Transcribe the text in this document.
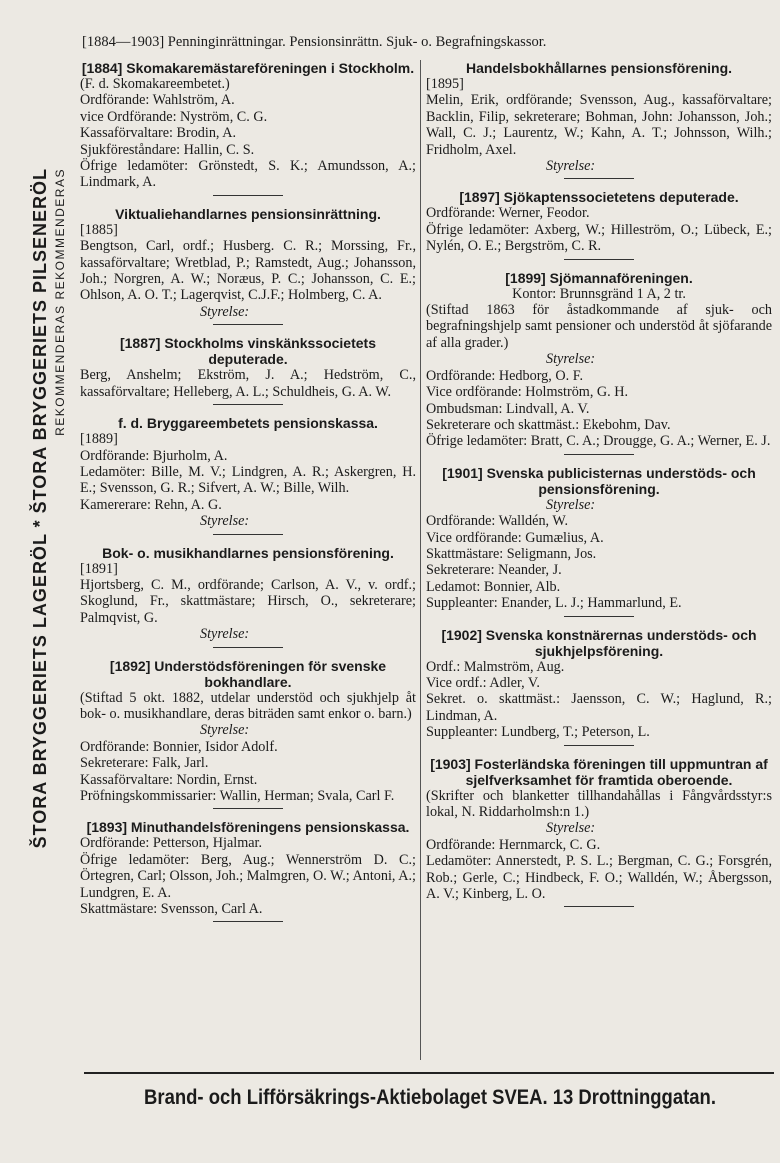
[1884—1903] Penninginrättningar. Pensionsinrättn. Sjuk- o. Begrafningskassor.
ŠTORA BRYGGERIETS LAGERÖL * ŠTORA BRYGGERIETS PILSENERÖL REKOMMENDERAS REKOMMENDERAS
[1884] Skomakaremästareföreningen i Stockholm.
(F. d. Skomakareembetet.)
Ordförande: Wahlström, A.
vice Ordförande: Nyström, C. G.
Kassaförvaltare: Brodin, A.
Sjukföreståndare: Hallin, C. S.
Öfrige ledamöter: Grönstedt, S. K.; Amundsson, A.; Lindmark, A.
Viktualiehandlarnes pensionsinrättning.
[1885]
Bengtson, Carl, ordf.; Husberg. C. R.; Morssing, Fr., kassaförvaltare; Wretblad, P.; Ramstedt, Aug.; Johansson, Joh.; Norgren, A. W.; Noræus, P. C.; Johansson, C. E.; Ohlson, A. O. T.; Lagerqvist, C.J.F.; Holmberg, C. A.
Styrelse:
[1887] Stockholms vinskänkssocietets deputerade.
Berg, Anshelm; Ekström, J. A.; Hedström, C., kassaförvaltare; Helleberg, A. L.; Schuldheis, G. A. W.
f. d. Bryggareembetets pensionskassa.
[1889]
Ordförande: Bjurholm, A.
Ledamöter: Bille, M. V.; Lindgren, A. R.; Askergren, H. E.; Svensson, G. R.; Sifvert, A. W.; Bille, Wilh.
Kamererare: Rehn, A. G.
Styrelse:
Bok- o. musikhandlarnes pensionsförening.
[1891]
Hjortsberg, C. M., ordförande; Carlson, A. V., v. ordf.; Skoglund, Fr., skattmästare; Hirsch, O., sekreterare; Palmqvist, G.
Styrelse:
[1892] Understödsföreningen för svenske bokhandlare.
(Stiftad 5 okt. 1882, utdelar understöd och sjukhjelp åt bok- o. musikhandlare, deras biträden samt enkor o. barn.)
Styrelse:
Ordförande: Bonnier, Isidor Adolf.
Sekreterare: Falk, Jarl.
Kassaförvaltare: Nordin, Ernst.
Pröfningskommissarier: Wallin, Herman; Svala, Carl F.
[1893] Minuthandelsföreningens pensionskassa.
Ordförande: Petterson, Hjalmar.
Öfrige ledamöter: Berg, Aug.; Wennerström D. C.; Örtegren, Carl; Olsson, Joh.; Malmgren, O. W.; Antoni, A.; Lundgren, E. A.
Skattmästare: Svensson, Carl A.
Handelsbokhållarnes pensionsförening.
[1895]
Melin, Erik, ordförande; Svensson, Aug., kassaförvaltare; Backlin, Filip, sekreterare; Bohman, John: Johansson, Joh.; Wall, C. J.; Laurentz, W.; Kahn, A. T.; Johnsson, Wilh.; Fridholm, Axel.
Styrelse:
[1897] Sjökaptenssocietetens deputerade.
Ordförande: Werner, Feodor.
Öfrige ledamöter: Axberg, W.; Hilleström, O.; Lübeck, E.; Nylén, O. E.; Bergström, C. R.
[1899] Sjömannaföreningen.
Kontor: Brunnsgränd 1 A, 2 tr.
(Stiftad 1863 för åstadkommande af sjuk- och begrafningshjelp samt pensioner och understöd åt sjöfarande af alla grader.)
Styrelse:
Ordförande: Hedborg, O. F.
Vice ordförande: Holmström, G. H.
Ombudsman: Lindvall, A. V.
Sekreterare och skattmäst.: Ekebohm, Dav.
Öfrige ledamöter: Bratt, C. A.; Drougge, G. A.; Werner, E. J.
[1901] Svenska publicisternas understöds- och pensionsförening.
Styrelse:
Ordförande: Walldén, W.
Vice ordförande: Gumælius, A.
Skattmästare: Seligmann, Jos.
Sekreterare: Neander, J.
Ledamot: Bonnier, Alb.
Suppleanter: Enander, L. J.; Hammarlund, E.
[1902] Svenska konstnärernas understöds- och sjukhjelpsförening.
Ordf.: Malmström, Aug.
Vice ordf.: Adler, V.
Sekret. o. skattmäst.: Jaensson, C. W.; Haglund, R.; Lindman, A.
Suppleanter: Lundberg, T.; Peterson, L.
[1903] Fosterländska föreningen till uppmuntran af sjelfverksamhet för framtida oberoende.
(Skrifter och blanketter tillhandahållas i Fångvårdsstyr:s lokal, N. Riddarholmsh:n 1.)
Styrelse:
Ordförande: Hernmarck, C. G.
Ledamöter: Annerstedt, P. S. L.; Bergman, C. G.; Forsgrén, Rob.; Gerle, C.; Hindbeck, F. O.; Walldén, W.; Åbergsson, A. V.; Kinberg, L. O.
Brand- och Lifförsäkrings-Aktiebolaget SVEA. 13 Drottninggatan.
